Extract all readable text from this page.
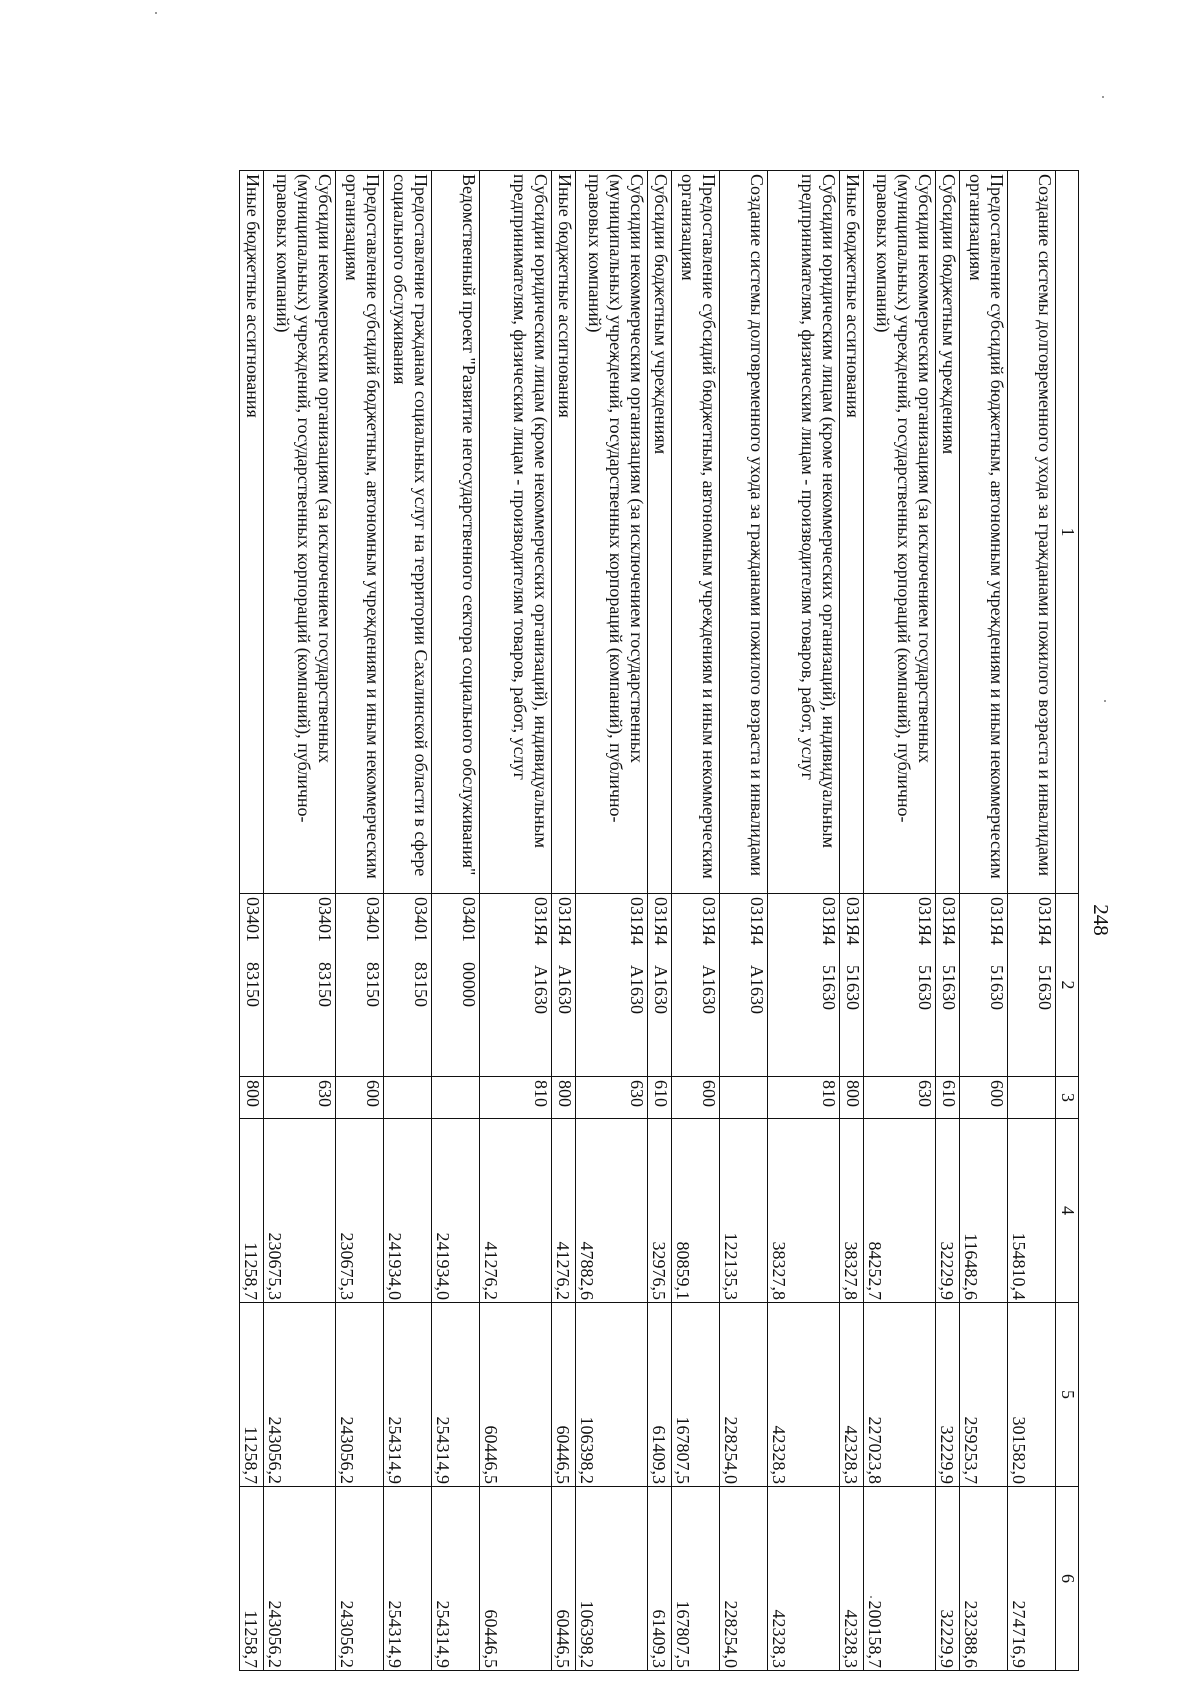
248
1	2	3	4	5	6
Создание системы долговременного ухода за гражданами пожилого возраста и инвалидами	031Я451630		154810,4	301582,0	274716,9
Предоставление субсидий бюджетным, автономным учреждениям и иным некоммерческим организациям	031Я451630	600	116482,6	259253,7	232388,6
Субсидии бюджетным учреждениям	031Я451630	610	32229,9	32229,9	32229,9
Субсидии некоммерческим организациям (за исключением государственных (муниципальных) учреждений, государственных корпораций (компаний), публично-правовых компаний)	031Я451630	630	84252,7	227023,8	200158,7
Иные бюджетные ассигнования	031Я451630	800	38327,8	42328,3	42328,3
Субсидии юридическим лицам (кроме некоммерческих организаций), индивидуальным предпринимателям, физическим лицам - производителям товаров, работ, услуг	031Я451630	810	38327,8	42328,3	42328,3
Создание системы долговременного ухода за гражданами пожилого возраста и инвалидами	031Я4А1630		122135,3	228254,0	228254,0
Предоставление субсидий бюджетным, автономным учреждениям и иным некоммерческим организациям	031Я4А1630	600	80859,1	167807,5	167807,5
Субсидии бюджетным учреждениям	031Я4А1630	610	32976,5	61409,3	61409,3
Субсидии некоммерческим организациям (за исключением государственных (муниципальных) учреждений, государственных корпораций (компаний), публично-правовых компаний)	031Я4А1630	630	47882,6	106398,2	106398,2
Иные бюджетные ассигнования	031Я4А1630	800	41276,2	60446,5	60446,5
Субсидии юридическим лицам (кроме некоммерческих организаций), индивидуальным предпринимателям, физическим лицам - производителям товаров, работ, услуг	031Я4А1630	810	41276,2	60446,5	60446,5
Ведомственный проект "Развитие негосударственного сектора социального обслуживания"	0340100000		241934,0	254314,9	254314,9
Предоставление гражданам социальных услуг на территории Сахалинской области в сфере социального обслуживания	0340183150		241934,0	254314,9	254314,9
Предоставление субсидий бюджетным, автономным учреждениям и иным некоммерческим организациям	0340183150	600	230675,3	243056,2	243056,2
Субсидии некоммерческим организациям (за исключением государственных (муниципальных) учреждений, государственных корпораций (компаний), публично-правовых компаний)	0340183150	630	230675,3	243056,2	243056,2
Иные бюджетные ассигнования	0340183150	800	11258,7	11258,7	11258,7
